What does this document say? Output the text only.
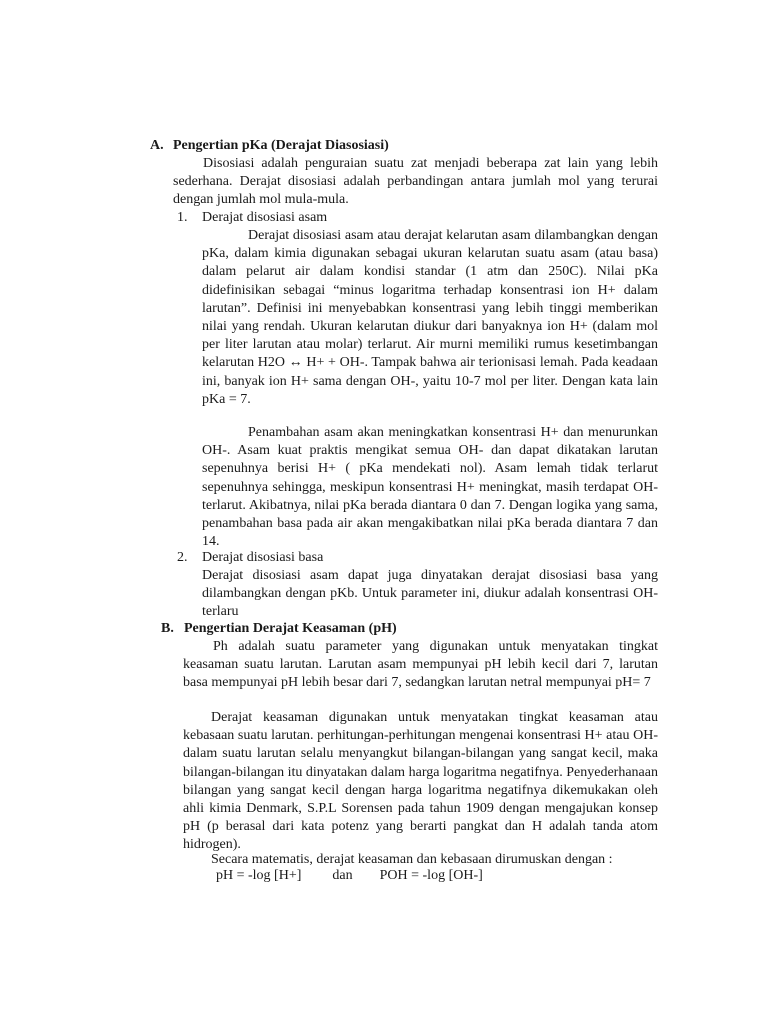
A. Pengertian pKa (Derajat Diasosiasi)

Disosiasi adalah penguraian suatu zat menjadi beberapa zat lain yang lebih sederhana. Derajat disosiasi adalah perbandingan antara jumlah mol yang terurai dengan jumlah mol mula-mula.

1. Derajat disosiasi asam

Derajat disosiasi asam atau derajat kelarutan asam dilambangkan dengan pKa, dalam kimia digunakan sebagai ukuran kelarutan suatu asam (atau basa) dalam pelarut air dalam kondisi standar (1 atm dan 250C). Nilai pKa didefinisikan sebagai “minus logaritma terhadap konsentrasi ion H+ dalam larutan”. Definisi ini menyebabkan konsentrasi yang lebih tinggi memberikan nilai yang rendah. Ukuran kelarutan diukur dari banyaknya ion H+ (dalam mol per liter larutan atau molar) terlarut. Air murni memiliki rumus kesetimbangan kelarutan H2O ↔ H+ + OH-. Tampak bahwa air terionisasi lemah. Pada keadaan ini, banyak ion H+ sama dengan OH-, yaitu 10-7 mol per liter. Dengan kata lain pKa = 7.

Penambahan asam akan meningkatkan konsentrasi H+ dan menurunkan OH-. Asam kuat praktis mengikat semua OH- dan dapat dikatakan larutan sepenuhnya berisi H+ ( pKa mendekati nol). Asam lemah tidak terlarut sepenuhnya sehingga, meskipun konsentrasi H+ meningkat, masih terdapat OH- terlarut. Akibatnya, nilai pKa berada diantara 0 dan 7. Dengan logika yang sama, penambahan basa pada air akan mengakibatkan nilai pKa berada diantara 7 dan 14.

2. Derajat disosiasi basa

Derajat disosiasi asam dapat juga dinyatakan derajat disosiasi basa yang dilambangkan dengan pKb. Untuk parameter ini, diukur adalah konsentrasi OH- terlaru

B. Pengertian Derajat Keasaman (pH)

Ph adalah suatu parameter yang digunakan untuk menyatakan tingkat keasaman suatu larutan. Larutan asam mempunyai pH lebih kecil dari 7, larutan basa mempunyai pH lebih besar dari 7, sedangkan larutan netral mempunyai pH= 7

Derajat keasaman digunakan untuk menyatakan tingkat keasaman atau kebasaan suatu larutan. perhitungan-perhitungan mengenai konsentrasi H+ atau OH- dalam suatu larutan selalu menyangkut bilangan-bilangan yang sangat kecil, maka bilangan-bilangan itu dinyatakan dalam harga logaritma negatifnya. Penyederhanaan bilangan yang sangat kecil dengan harga logaritma negatifnya dikemukakan oleh ahli kimia Denmark, S.P.L Sorensen pada tahun 1909 dengan mengajukan konsep pH (p berasal dari kata potenz yang berarti pangkat dan H adalah tanda atom hidrogen).

Secara matematis, derajat keasaman dan kebasaan dirumuskan dengan :
pH = -log [H+] dan POH = -log [OH-]
